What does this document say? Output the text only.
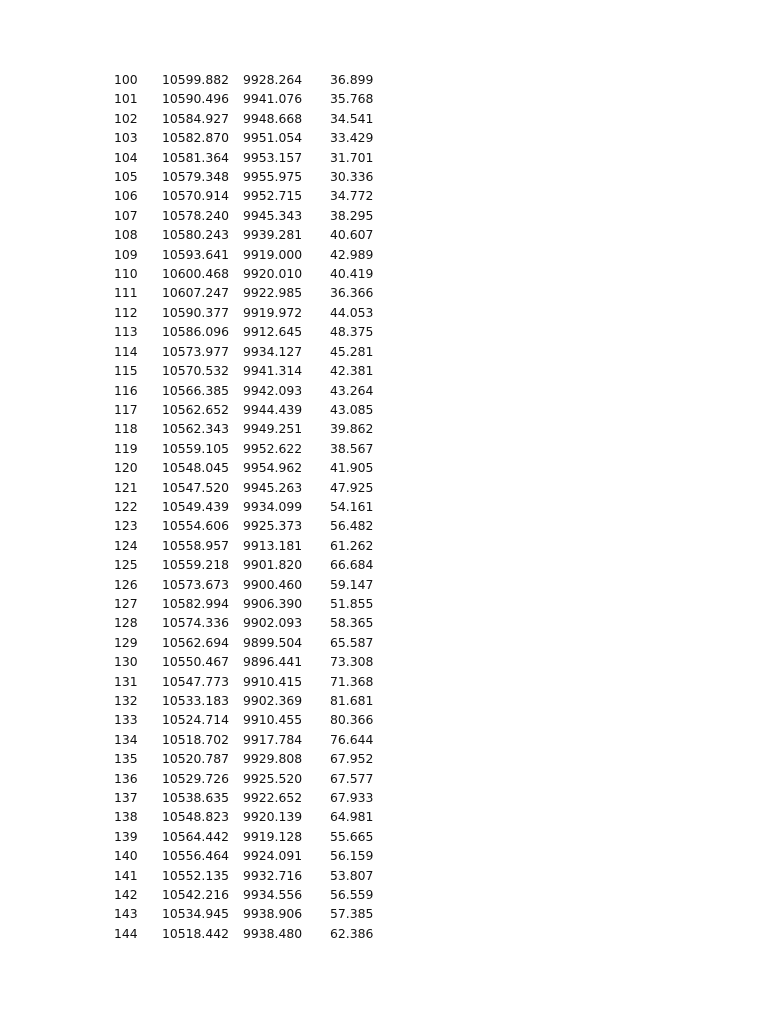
100 10599.882 9928.264 36.899
101 10590.496 9941.076 35.768
102 10584.927 9948.668 34.541
103 10582.870 9951.054 33.429
104 10581.364 9953.157 31.701
105 10579.348 9955.975 30.336
106 10570.914 9952.715 34.772
107 10578.240 9945.343 38.295
108 10580.243 9939.281 40.607
109 10593.641 9919.000 42.989
110 10600.468 9920.010 40.419
111 10607.247 9922.985 36.366
112 10590.377 9919.972 44.053
113 10586.096 9912.645 48.375
114 10573.977 9934.127 45.281
115 10570.532 9941.314 42.381
116 10566.385 9942.093 43.264
117 10562.652 9944.439 43.085
118 10562.343 9949.251 39.862
119 10559.105 9952.622 38.567
120 10548.045 9954.962 41.905
121 10547.520 9945.263 47.925
122 10549.439 9934.099 54.161
123 10554.606 9925.373 56.482
124 10558.957 9913.181 61.262
125 10559.218 9901.820 66.684
126 10573.673 9900.460 59.147
127 10582.994 9906.390 51.855
128 10574.336 9902.093 58.365
129 10562.694 9899.504 65.587
130 10550.467 9896.441 73.308
131 10547.773 9910.415 71.368
132 10533.183 9902.369 81.681
133 10524.714 9910.455 80.366
134 10518.702 9917.784 76.644
135 10520.787 9929.808 67.952
136 10529.726 9925.520 67.577
137 10538.635 9922.652 67.933
138 10548.823 9920.139 64.981
139 10564.442 9919.128 55.665
140 10556.464 9924.091 56.159
141 10552.135 9932.716 53.807
142 10542.216 9934.556 56.559
143 10534.945 9938.906 57.385
144 10518.442 9938.480 62.386
